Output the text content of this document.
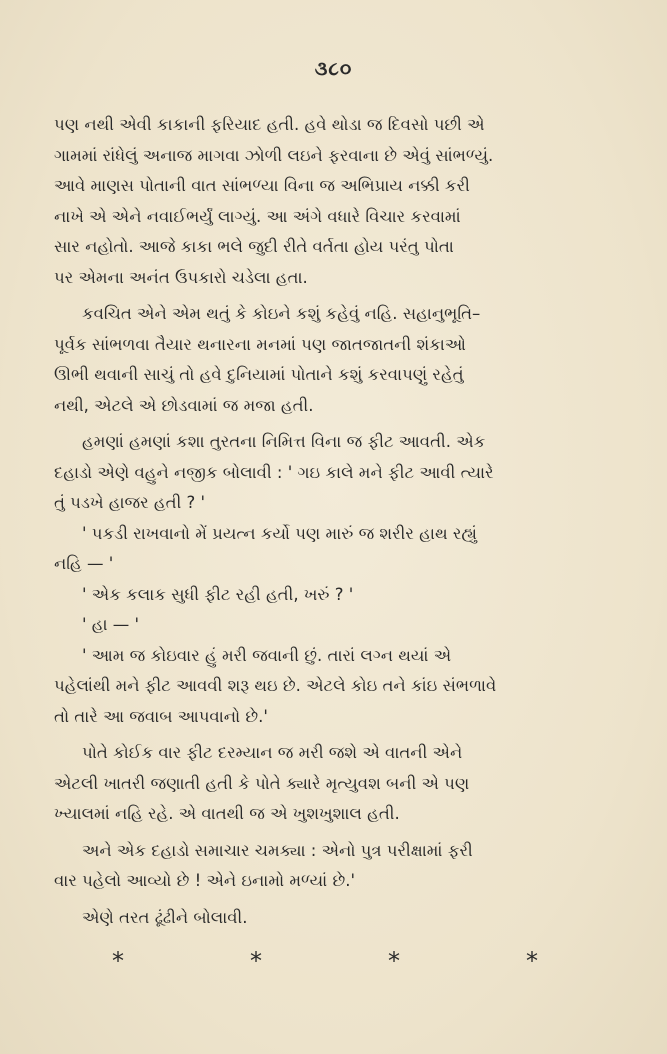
૩૮૦
પણ નથી એવી કાકાની ફરિયાદ હતી. હવે થોડા જ દિવસો પછી એ
ગામમાં રાંધેલું અનાજ માગવા ઝોળી લઇને ફરવાના છે એવું સાંભળ્યું.
આવે માણસ પોતાની વાત સાંભળ્યા વિના જ અભિપ્રાય નક્કી કરી
નાખે એ એને નવાઈભર્યું લાગ્યું. આ અંગે વધારે વિચાર કરવામાં
સાર નહોતો. આજે કાકા ભલે જુદી રીતે વર્તતા હોય પરંતુ પોતા
પર એમના અનંત ઉપકારો ચડેલા હતા.
કવચિત એને એમ થતું કે કોઇને કશું કહેવું નહિ. સહાનુભૂતિ–
પૂર્વક સાંભળવા તૈયાર થનારના મનમાં પણ જાતજાતની શંકાઓ
ઊભી થવાની સાચું તો હવે દુનિયામાં પોતાને કશું કરવાપણું રહેતું
નથી, એટલે એ છોડવામાં જ મજા હતી.
હમણાં હમણાં કશા તુરતના નિમિત્ત વિના જ ફીટ આવતી. એક
દહાડો એણે વહુને નજીક બોલાવી : ' ગઇ કાલે મને ફીટ આવી ત્યારે
તું પડખે હાજર હતી ? '
' પકડી રાખવાનો મેં પ્રયત્ન કર્યો પણ મારું જ શરીર હાથ રહ્યું
નહિ — '
' એક કલાક સુધી ફીટ રહી હતી, ખરું ? '
' હા — '
' આમ જ કોઇવાર હું મરી જવાની છું. તારાં લગ્ન થયાં એ
પહેલાંથી મને ફીટ આવવી શરૂ થઇ છે. એટલે કોઇ તને કાંઇ સંભળાવે
તો તારે આ જવાબ આપવાનો છે.'
પોતે કોઈક વાર ફીટ દરમ્યાન જ મરી જશે એ વાતની એને
એટલી ખાતરી જણાતી હતી કે પોતે ક્યારે મૃત્યુવશ બની એ પણ
ખ્યાલમાં નહિ રહે. એ વાતથી જ એ ખુશખુશાલ હતી.
અને એક દહાડો સમાચાર ચમક્યા : એનો પુત્ર પરીક્ષામાં ફરી
વાર પહેલો આવ્યો છે ! એને ઇનામો મળ્યાં છે.'
એણે તરત ઢૂંઢીને બોલાવી.
*	*	*	*
